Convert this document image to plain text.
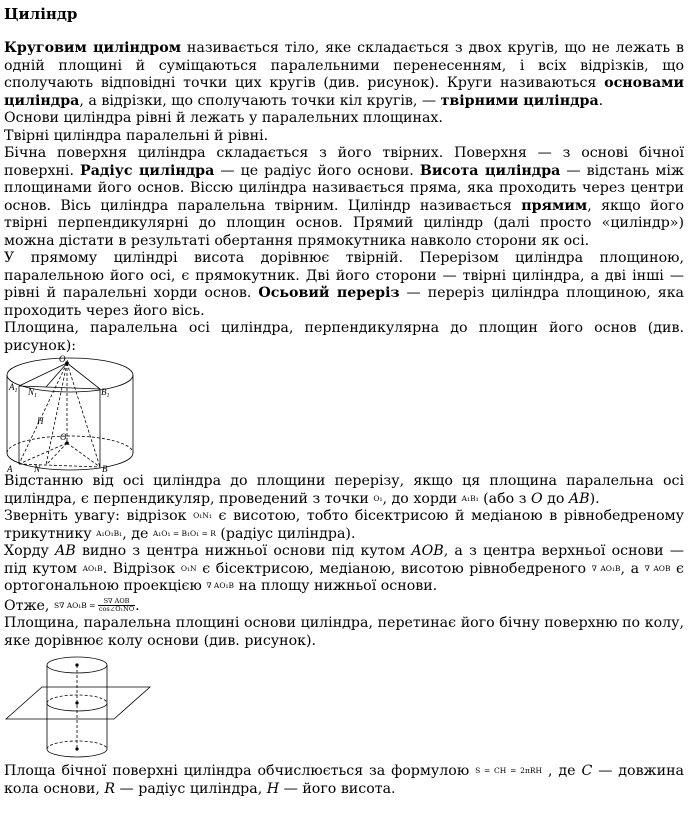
Циліндр

Круговим циліндром називається тіло, яке складається з двох кругів, що не лежать в одній площині й суміщаються паралельними перенесенням, і всіх відрізків, що сполучають відповідні точки цих кругів (див. рисунок). Круги називаються основами циліндра, а відрізки, що сполучають точки кіл кругів, — твірними циліндра.

Основи циліндра рівні й лежать у паралельних площинах.

Твірні циліндра паралельні й рівні.

Бічна поверхня циліндра складається з його твірних. Поверхня — з основі бічної поверхні. Радіус циліндра — це радіус його основи. Висота циліндра — відстань між площинами його основ. Віссю циліндра називається пряма, яка проходить через центри основ. Вісь циліндра паралельна твірним. Циліндр називається прямим, якщо його твірні перпендикулярні до площин основ. Прямий циліндр (далі просто «циліндр») можна дістати в результаті обертання прямокутника навколо сторони як осі.

У прямому циліндрі висота дорівнює твірній. Перерізом циліндра площиною, паралельною його осі, є прямокутник. Дві його сторони — твірні циліндра, а дві інші — рівні й паралельні хорди основ. Осьовий переріз — переріз циліндра площиною, яка проходить через його вісь.

Площина, паралельна осі циліндра, перпендикулярна до площин його основ (див. рисунок):

$O_1$
$A_1$ $N_1$	$B_1$
H
O
A N	B

Відстанню від осі циліндра до площини перерізу, якщо ця площина паралельна осі циліндра, є перпендикуляр, проведений з точки O₁, до хорди A₁B₁ (або з O до AB).

Зверніть увагу: відрізок O₁N₁ є висотою, тобто бісектрисою й медіаною в рівнобедреному трикутнику A₁O₁B₁, де A₁O₁ = B₁O₁ = R (радіус циліндра).

Хорду AB видно з центра нижньої основи під кутом AOB, а з центра верхньої основи — під кутом AO₁B. Відрізок O₁N є бісектрисою, медіаною, висотою рівнобедреного ∇ AO₁B, а ∇ AOB є ортогональною проекцією ∇ AO₁B на площу нижньої основи.

Отже, S∇ $AO_1B = \frac{\text{S∇ AOB}}{\text{cos∠O₁NO}}$ .

Площина, паралельна площині основи циліндра, перетинає його бічну поверхню по колу, яке дорівнює колу основи (див. рисунок).

Площа бічної поверхні циліндра обчислюється за формулою S = CH = 2πRH , де C — довжина кола основи, R — радіус циліндра, H — його висота.
